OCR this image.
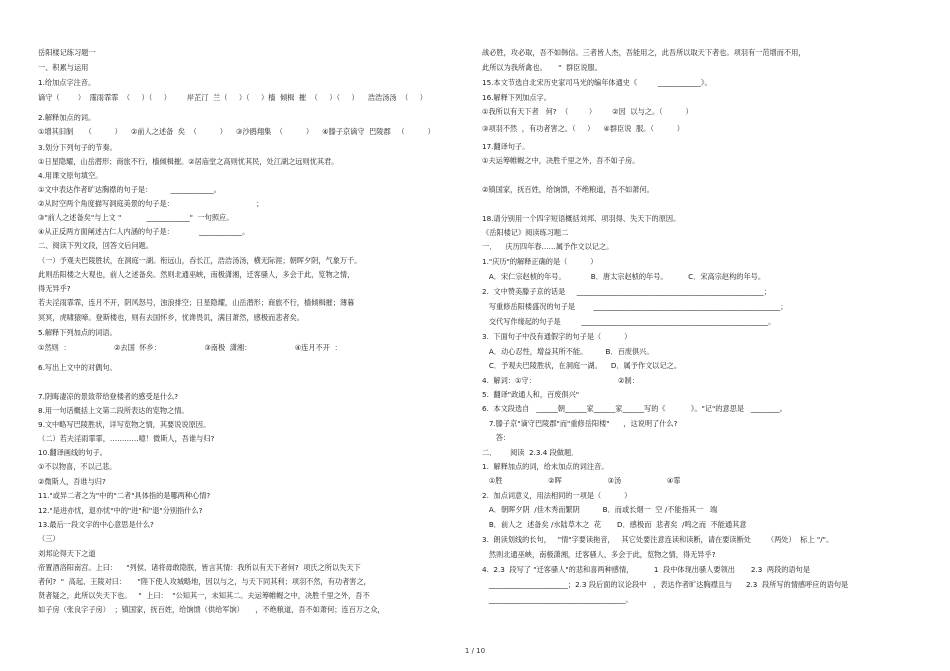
岳阳楼记练习题一
一、积累与运用
1.给加点字注音。
谪守（        ）  霪雨霏霏  （     ）（     ）       岸芷汀  兰（     ）（     ）樯  倾楫  摧  （     ）（     ）    浩浩汤汤  （     ）
2.解释加点的词。
①增其旧制     （          ）    ②前人之述备  矣  （          ）    ③沙鸥翔集  （          ）    ④滕子京谪守  巴陵郡   （          ）
3.划分下列句子的节奏。
①日星隐耀，山岳潜形；商旅不行，樯倾楫摧。②居庙堂之高则忧其民，处江湖之远则忧其君。
4.用课文原句填空。
①文中表达作者旷达胸襟的句子是：        ____________。
②从时空两个角度描写洞庭美景的句子是：                                    ；
③"前人之述备矣"与上文 "           ____________"  一句照应。
④从正反两方面阐述古仁人内涵的句子是：           ____________。
二、阅读下列文段，回答文后问题。
（一）予观夫巴陵胜状，在洞庭一湖。衔远山，吞长江，浩浩汤汤，横无际涯；朝晖夕阴，气象万千。
此则岳阳楼之大观也，前人之述备矣。然则北通巫峡，南极潇湘，迁客骚人，多会于此，览物之情，
得无异乎?
若夫淫雨霏霏，连月不开，阴风怒号，浊浪排空；日星隐耀，山岳潜形；商旅不行，樯倾楫摧；薄暮
冥冥，虎啸猿啼。登斯楼也，则有去国怀乡，忧谗畏讥，满目萧然，感极而悲者矣。
5.解释下列加点的词语。
①然则  ：                   ②去国  怀乡：                   ③南极  潇湘：                   ④连月不开  ：
6.写出上文中的对偶句。
7.阴晦凄凉的景致带给登楼者的感受是什么?
8.用一句话概括上文第二段所表达的览物之情。
9.文中略写巴陵胜状，详写览物之情，其要说说原因。
（二）若夫淫雨霏霏，…………噫！微斯人，吾谁与归?
10.翻译画线的句子。
①不以物喜，不以己悲。
②微斯人，吾谁与归?
11."或异二者之为"中的"二者"具体指的是哪两种心情?
12."是进亦忧，退亦忧"中的"进"和"退"分别指什么?
13.最后一段文字的中心意思是什么?
（三）
刘邦论得天下之道
帝置酒洛阳南宫。上曰：    "列侯、诸将毋敢隐朕，皆言其情：我所以有天下者何?  项氏之所以失天下
者何?  "  高起、王陵对曰：     "陛下使人攻城略地，因以与之，与天下同其利；项羽不然，有功者害之，
贤者疑之，此所以失天下也。   "  上曰：  "公知其一，未知其二。夫运筹帷幄之中，决胜千里之外，吾不
如子房（张良字子房）  ；镇国家，抚百姓，给饷馈（供给军饷）     ，不绝粮道，吾不如萧何；连百万之众，
战必胜，攻必取，吾不如韩信。三者皆人杰，吾能用之，此吾所以取天下者也。项羽有一范增而不用，
此所以为我所禽也。     "  群臣说服。
15.本文节选自北宋历史家司马光的编年体通史《         ____________》。
16.解释下列加点字。
①我所以有天下者   何?  （         ）       ②因  以与之。（          ）
③项羽不然  ，有功者害之。（     ）    ④群臣说  服。（          ）
17.翻译句子。
①夫运筹帷幄之中，决胜千里之外，吾不如子房。
②镇国家，抚百姓，给饷馈，不绝粮道，吾不如萧何。
18.请分别用一个四字短语概括刘邦、项羽得、失天下的原因。
《岳阳楼记》阅读练习题二
一．    庆历四年春……属予作文以记之。
1."庆历"的解释正确的是（          ）
A．宋仁宗赵桢的年号。           B．唐太宗赵桢的年号。         C．宋高宗赵构的年号。
2.  文中赞美滕子京的话是     ____________________________________________________；
写重修岳阳楼盛况的句子是        ____________________________________________________；
交代写作缘起的句子是         ____________________________________________________。
3.  下面句子中没有通假字的句子是（          ）
A．动心忍性，增益其所不能。        B．百废俱兴。
C．予观夫巴陵胜状，在洞庭一湖。    D．属予作文以记之。
4.  解词：①守：                                    ②制：
5.  翻译"政通人和，百废俱兴"
6.  本文段选自   ______朝______家______家______写的《           》。"记"的意思是   ________。
7.滕子京"谪守巴陵郡"而"重修岳阳楼"      ，这说明了什么?
答：
二．      阅读  2.3.4 段做题．
1.  解释加点的词，给未加点的词注音。
①胜                    ②晖                    ③汤                    ④霏
2.  加点词意义，用法相同的一项是（          ）
A．朝晖夕阴  /佳木秀而繁阴          B．而或长烟一  空 /不能指其一   端
B．前人之  述备矣 /水陆草木之  花       D．感极而  悲者矣  /鸣之而  不能通其意
3.  朗读划线的长句，   "情"字要读拖音，   其它处要注意连读和读断，请在要读断处       （两处）  标上 "/"。
然则北通巫峡，南极潇湘，迁客骚人，多会于此，览物之情，得无异乎?
4.  2.3  段写了 "迁客骚人"的悲和喜两种感情，         1  段中体现出骚人要领出       2.3  两段的语句是
______________________；2.3 段后面的议论段中   ，表达作者旷达胸襟且与      2.3  段所写的情感呼应的语句是
______________________________________。
1 / 10
